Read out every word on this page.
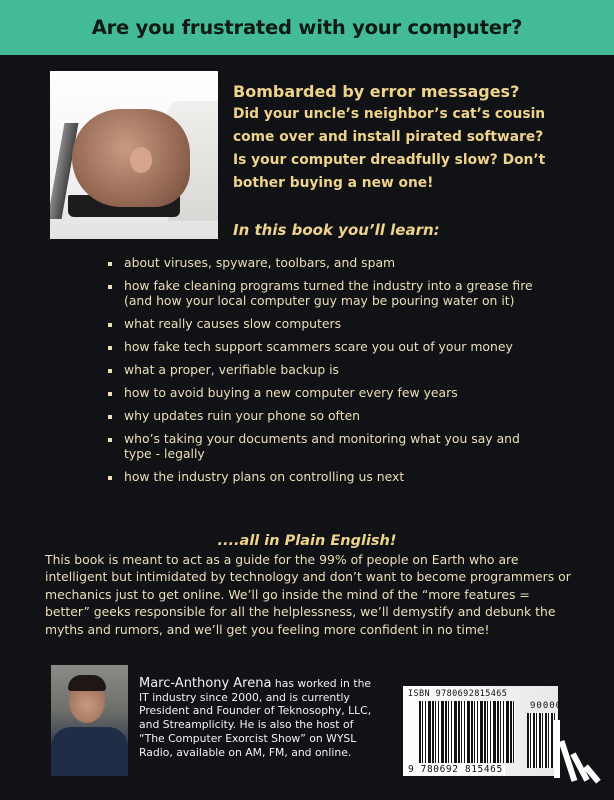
Are you frustrated with your computer?
Bombarded by error messages?
Did your uncle’s neighbor’s cat’s cousin
come over and install pirated software?
Is your computer dreadfully slow? Don’t
bother buying a new one!
In this book you’ll learn:
about viruses, spyware, toolbars, and spam
how fake cleaning programs turned the industry into a grease fire (and how your local computer guy may be pouring water on it)
what really causes slow computers
how fake tech support scammers scare you out of your money
what a proper, verifiable backup is
how to avoid buying a new computer every few years
why updates ruin your phone so often
who’s taking your documents and monitoring what you say and type - legally
how the industry plans on controlling us next
....all in Plain English!
This book is meant to act as a guide for the 99% of people on Earth who are intelligent but intimidated by technology and don’t want to become programmers or mechanics just to get online. We’ll go inside the mind of the “more features = better” geeks responsible for all the helplessness, we’ll demystify and debunk the myths and rumors, and we’ll get you feeling more confident in no time!
Marc-Anthony Arena has worked in the IT industry since 2000, and is currently President and Founder of Teknosophy, LLC, and Streamplicity. He is also the host of “The Computer Exorcist Show” on WYSL Radio, available on AM, FM, and online.
ISBN 9780692815465
90000
9 780692 815465
